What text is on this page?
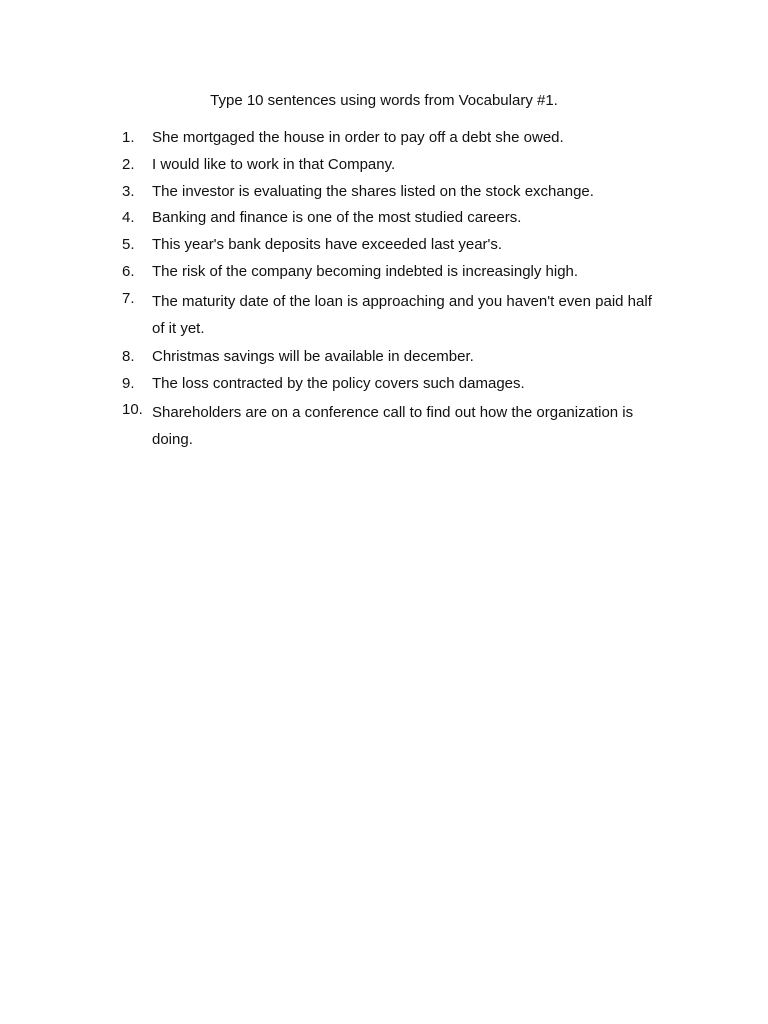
Type 10 sentences using words from Vocabulary #1.
1.	She mortgaged the house in order to pay off a debt she owed.
2.	I would like to work in that Company.
3.	The investor is evaluating the shares listed on the stock exchange.
4.	Banking and finance is one of the most studied careers.
5.	This year's bank deposits have exceeded last year's.
6.	The risk of the company becoming indebted is increasingly high.
7.	The maturity date of the loan is approaching and you haven't even paid half of it yet.
8.	Christmas savings will be available in december.
9.	The loss contracted by the policy covers such damages.
10. Shareholders are on a conference call to find out how the organization is doing.
